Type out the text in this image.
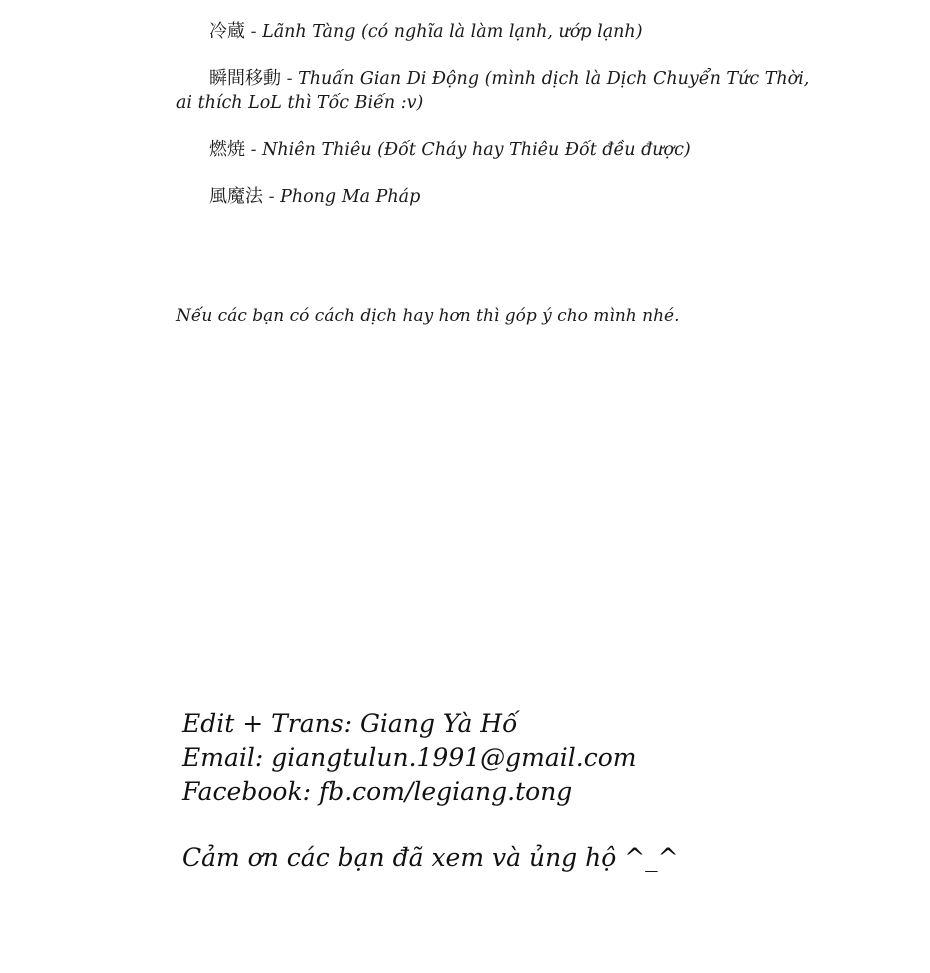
冷蔵 - Lãnh Tàng (có nghĩa là làm lạnh, ướp lạnh)

瞬間移動 - Thuấn Gian Di Động (mình dịch là Dịch Chuyển Tức Thời, ai thích LoL thì Tốc Biến :v)

燃焼 - Nhiên Thiêu (Đốt Cháy hay Thiêu Đốt đều được)

風魔法 - Phong Ma Pháp

Nếu các bạn có cách dịch hay hơn thì góp ý cho mình nhé.
Edit + Trans: Giang Yà Hố
Email: giangtulun.1991@gmail.com
Facebook: fb.com/legiang.tong
Cảm ơn các bạn đã xem và ủng hộ ^_^
